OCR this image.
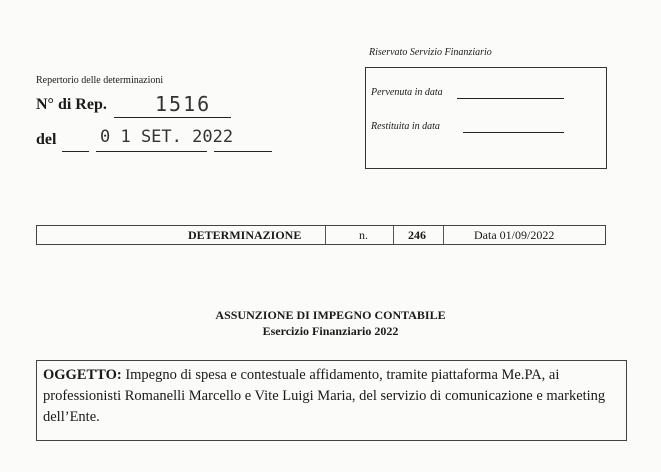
Repertorio delle determinazioni
N° di Rep. 1516
del	0 1 SET. 2022
Riservato Servizio Finanziario
Pervenuta in data
Restituita in data
DETERMINAZIONE	n.	246	Data 01/09/2022
ASSUNZIONE DI IMPEGNO CONTABILE
Esercizio Finanziario 2022
OGGETTO: Impegno di spesa e contestuale affidamento, tramite piattaforma Me.PA, ai professionisti Romanelli Marcello e Vite Luigi Maria, del servizio di comunicazione e marketing dell’Ente.
